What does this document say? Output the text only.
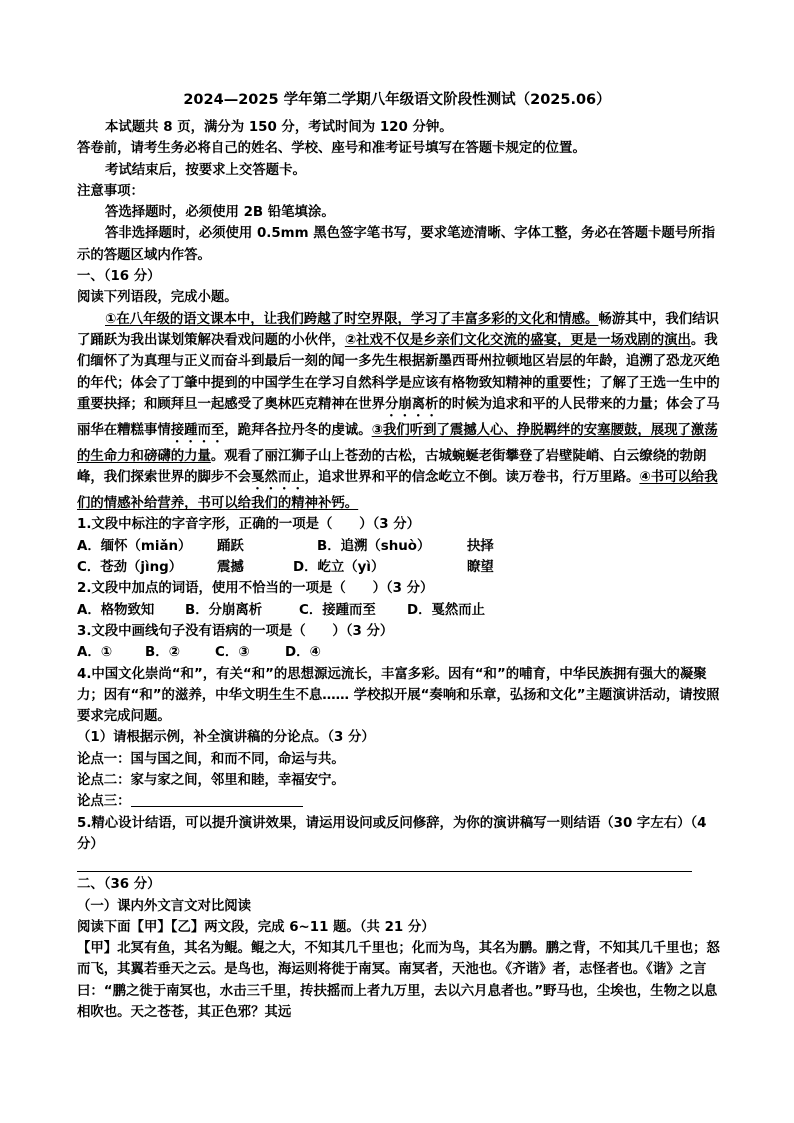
2024—2025 学年第二学期八年级语文阶段性测试（2025.06）

本试题共 8 页，满分为 150 分，考试时间为 120 分钟。

答卷前，请考生务必将自己的姓名、学校、座号和准考证号填写在答题卡规定的位置。

考试结束后，按要求上交答题卡。

注意事项：

答选择题时，必须使用 2B 铅笔填涂。

答非选择题时，必须使用 0.5mm 黑色签字笔书写，要求笔迹清晰、字体工整，务必在答题卡题号所指示的答题区域内作答。

一、（16 分）

阅读下列语段，完成小题。

①在八年级的语文课本中，让我们跨越了时空界限，学习了丰富多彩的文化和情感。畅游其中，我们结识了踊跃为我出谋划策解决看戏问题的小伙伴，②社戏不仅是乡亲们文化交流的盛宴，更是一场戏剧的演出。我们缅怀了为真理与正义而奋斗到最后一刻的闻一多先生根据新墨西哥州拉顿地区岩层的年龄，追溯了恐龙灭绝的年代；体会了丁肇中提到的中国学生在学习自然科学是应该有格物致知精神的重要性；了解了王选一生中的重要抉择；和顾拜旦一起感受了奥林匹克精神在世界分崩离析的时候为追求和平的人民带来的力量；体会了马丽华在糟糕事情接踵而至，跪拜各拉丹冬的虔诚。③我们听到了震撼人心、挣脱羁绊的安塞腰鼓，展现了激荡的生命力和磅礴的力量。观看了丽江狮子山上苍劲的古松，古城蜿蜒老街攀登了岩壁陡峭、白云缭绕的勃朗峰，我们探索世界的脚步不会戛然而止，追求世界和平的信念屹立不倒。读万卷书，行万里路。④书可以给我们的情感补给营养，书可以给我们的精神补钙。

1.文段中标注的字音字形，正确的一项是（　　）（3 分）

A．缅怀（miǎn）	踊跃	B．追溯（shuò）	抉择
C．苍劲（jìng）	震撼	D．屹立（yì）	瞭望

2.文段中加点的词语，使用不恰当的一项是（　　）（3 分）

A．格物致知	B．分崩离析	C．接踵而至	D．戛然而止

3.文段中画线句子没有语病的一项是（　　）（3 分）

A．①	B．②	C．③	D．④

4.中国文化崇尚“和”，有关“和”的思想源远流长，丰富多彩。因有“和”的哺育，中华民族拥有强大的凝聚力；因有“和”的滋养，中华文明生生不息…… 学校拟开展“奏响和乐章，弘扬和文化”主题演讲活动，请按照要求完成问题。

（1）请根据示例，补全演讲稿的分论点。（3 分）

论点一：国与国之间，和而不同，命运与共。

论点二：家与家之间，邻里和睦，幸福安宁。

论点三：

5.精心设计结语，可以提升演讲效果，请运用设问或反问修辞，为你的演讲稿写一则结语（30 字左右）（4 分）

二、（36 分）

（一）课内外文言文对比阅读

阅读下面【甲】【乙】两文段，完成 6~11 题。（共 21 分）

【甲】北冥有鱼，其名为鲲。鲲之大，不知其几千里也；化而为鸟，其名为鹏。鹏之背，不知其几千里也；怒而飞，其翼若垂天之云。是鸟也，海运则将徙于南冥。南冥者，天池也。《齐谐》者，志怪者也。《谐》之言曰：“鹏之徙于南冥也，水击三千里，抟扶摇而上者九万里，去以六月息者也。”野马也，尘埃也，生物之以息相吹也。天之苍苍，其正色邪？其远
